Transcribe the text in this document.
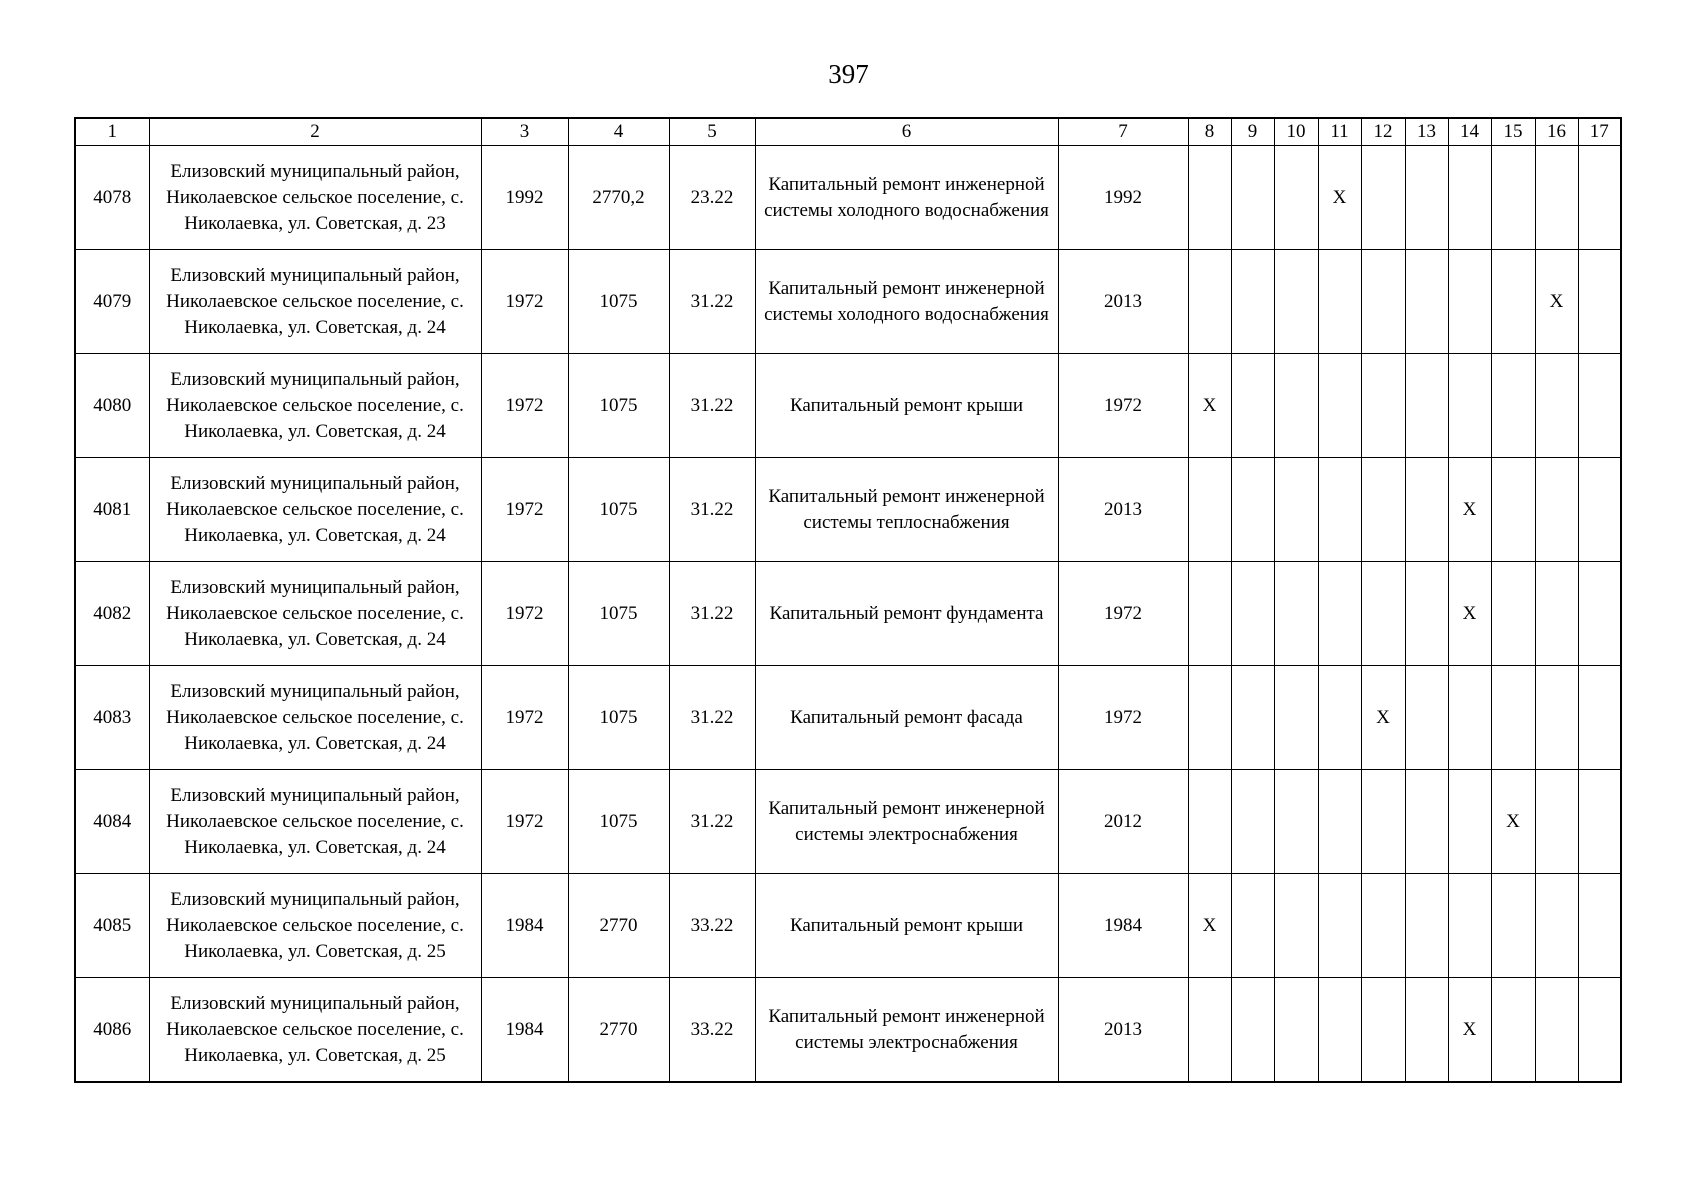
397
1	2	3	4	5	6	7	8	9	10	11	12	13	14	15	16	17
4078	Елизовский муниципальный район, Николаевское сельское поселение, с. Николаевка, ул. Советская, д. 23	1992	2770,2	23.22	Капитальный ремонт инженерной системы холодного водоснабжения	1992				X						
4079	Елизовский муниципальный район, Николаевское сельское поселение, с. Николаевка, ул. Советская, д. 24	1972	1075	31.22	Капитальный ремонт инженерной системы холодного водоснабжения	2013									X	
4080	Елизовский муниципальный район, Николаевское сельское поселение, с. Николаевка, ул. Советская, д. 24	1972	1075	31.22	Капитальный ремонт крыши	1972	X									
4081	Елизовский муниципальный район, Николаевское сельское поселение, с. Николаевка, ул. Советская, д. 24	1972	1075	31.22	Капитальный ремонт инженерной системы теплоснабжения	2013							X			
4082	Елизовский муниципальный район, Николаевское сельское поселение, с. Николаевка, ул. Советская, д. 24	1972	1075	31.22	Капитальный ремонт фундамента	1972							X			
4083	Елизовский муниципальный район, Николаевское сельское поселение, с. Николаевка, ул. Советская, д. 24	1972	1075	31.22	Капитальный ремонт фасада	1972					X					
4084	Елизовский муниципальный район, Николаевское сельское поселение, с. Николаевка, ул. Советская, д. 24	1972	1075	31.22	Капитальный ремонт инженерной системы электроснабжения	2012								X		
4085	Елизовский муниципальный район, Николаевское сельское поселение, с. Николаевка, ул. Советская, д. 25	1984	2770	33.22	Капитальный ремонт крыши	1984	X									
4086	Елизовский муниципальный район, Николаевское сельское поселение, с. Николаевка, ул. Советская, д. 25	1984	2770	33.22	Капитальный ремонт инженерной системы электроснабжения	2013							X			
